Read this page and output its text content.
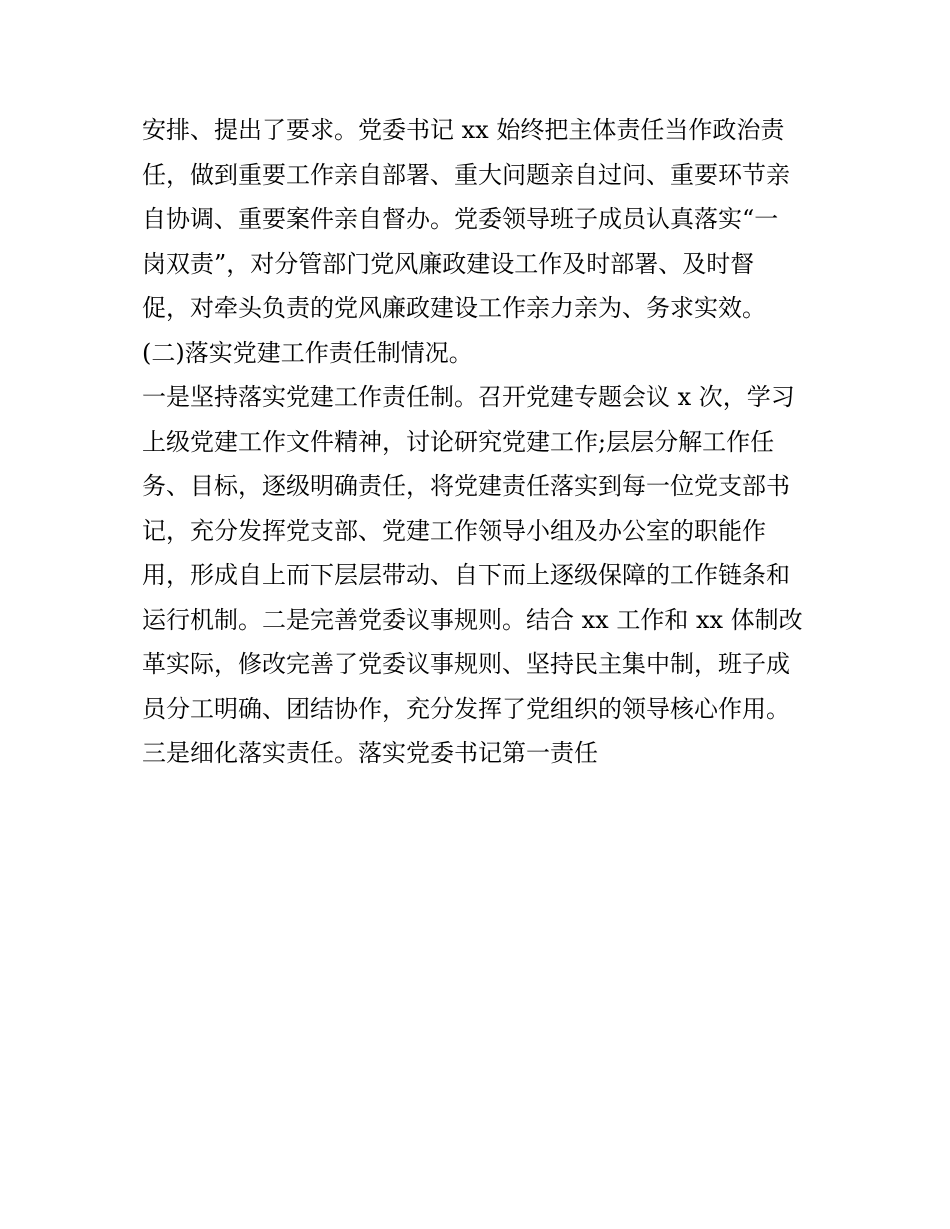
安排、提出了要求。党委书记 xx 始终把主体责任当作政治责
任，做到重要工作亲自部署、重大问题亲自过问、重要环节亲
自协调、重要案件亲自督办。党委领导班子成员认真落实“一
岗双责”，对分管部门党风廉政建设工作及时部署、及时督
促，对牵头负责的党风廉政建设工作亲力亲为、务求实效。
(二)落实党建工作责任制情况。
一是坚持落实党建工作责任制。召开党建专题会议 x 次，学习
上级党建工作文件精神，讨论研究党建工作;层层分解工作任
务、目标，逐级明确责任，将党建责任落实到每一位党支部书
记，充分发挥党支部、党建工作领导小组及办公室的职能作
用，形成自上而下层层带动、自下而上逐级保障的工作链条和
运行机制。二是完善党委议事规则。结合 xx 工作和 xx 体制改
革实际，修改完善了党委议事规则、坚持民主集中制，班子成
员分工明确、团结协作，充分发挥了党组织的领导核心作用。
三是细化落实责任。落实党委书记第一责任
